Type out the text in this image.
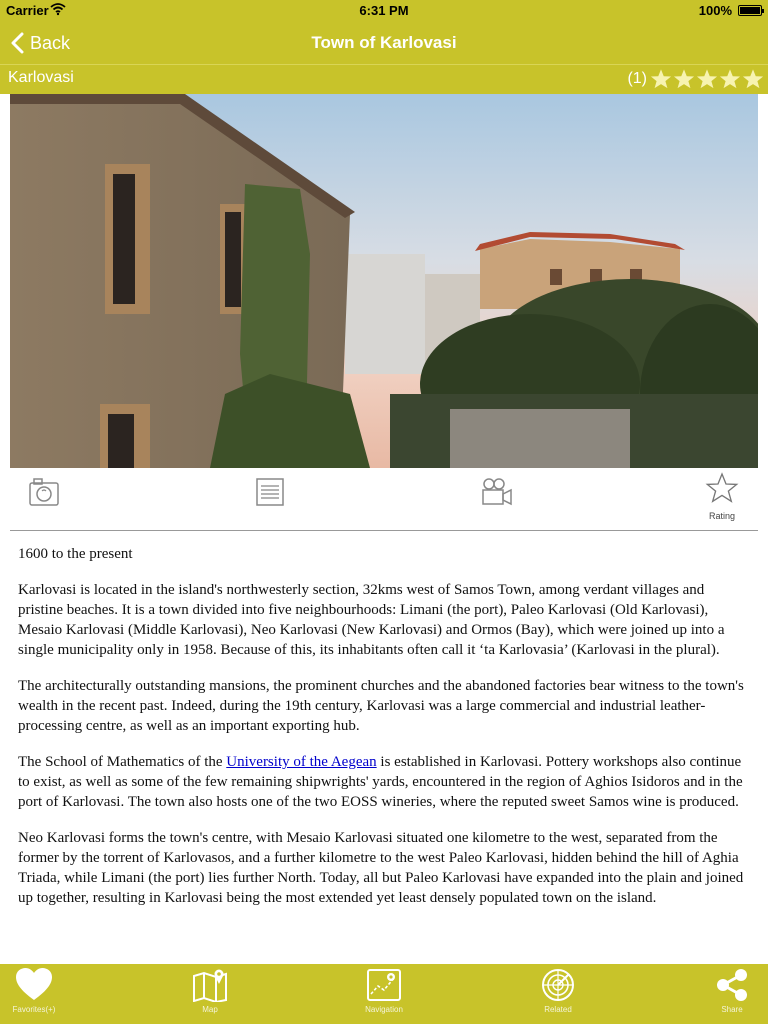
Carrier	6:31 PM	100%
Back	Town of Karlovasi
Karlovasi	(1)
Rating

1600 to the present

Karlovasi is located in the island's northwesterly section, 32kms west of Samos Town, among verdant villages and pristine beaches. It is a town divided into five neighbourhoods: Limani (the port), Paleo Karlovasi (Old Karlovasi), Mesaio Karlovasi (Middle Karlovasi), Neo Karlovasi (New Karlovasi) and Ormos (Bay), which were joined up into a single municipality only in 1958. Because of this, its inhabitants often call it ‘ta Karlovasia’ (Karlovasi in the plural).

The architecturally outstanding mansions, the prominent churches and the abandoned factories bear witness to the town's wealth in the recent past. Indeed, during the 19th century, Karlovasi was a large commercial and industrial leather-processing centre, as well as an important exporting hub.

The School of Mathematics of the University of the Aegean is established in Karlovasi. Pottery workshops also continue to exist, as well as some of the few remaining shipwrights' yards, encountered in the region of Aghios Isidoros and in the port of Karlovasi. The town also hosts one of the two EOSS wineries, where the reputed sweet Samos wine is produced.

Neo Karlovasi forms the town's centre, with Mesaio Karlovasi situated one kilometre to the west, separated from the former by the torrent of Karlovasos, and a further kilometre to the west Paleo Karlovasi, hidden behind the hill of Aghia Triada, while Limani (the port) lies further North. Today, all but Paleo Karlovasi have expanded into the plain and joined up together, resulting in Karlovasi being the most extended yet least densely populated town on the island.

Favorites(+)	Map	Navigation	Related	Share
